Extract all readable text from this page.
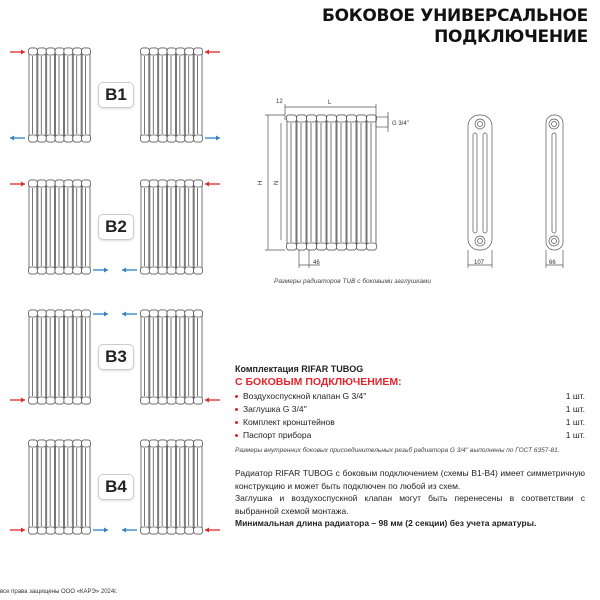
БОКОВОЕ УНИВЕРСАЛЬНОЕ
ПОДКЛЮЧЕНИЕ
B1
B2
B3
B4
12	L
H N
46
G 3/4''
107	66
Размеры радиаторов TUB с боковыми заглушками
Комплектация RIFAR TUBOG
С БОКОВЫМ ПОДКЛЮЧЕНИЕМ:
Воздухоспускной клапан G 3/4''	1 шт.
Заглушка G 3/4''	1 шт.
Комплект кронштейнов	1 шт.
Паспорт прибора	1 шт.
Размеры внутренних боковых присоединительных резьб радиатора G 3/4'' выполнены по ГОСТ 6357-81.
Радиатор RIFAR TUBOG с боковым подключением (схемы B1-B4) имеет симметричную конструкцию и может быть подключен по любой из схем.
Заглушка и воздухоспускной клапан могут быть перенесены в соответствии с выбранной схемой монтажа.
Минимальная длина радиатора – 98 мм (2 секции) без учета арматуры.
все права защищены ООО «КАРЭ» 2024г.
